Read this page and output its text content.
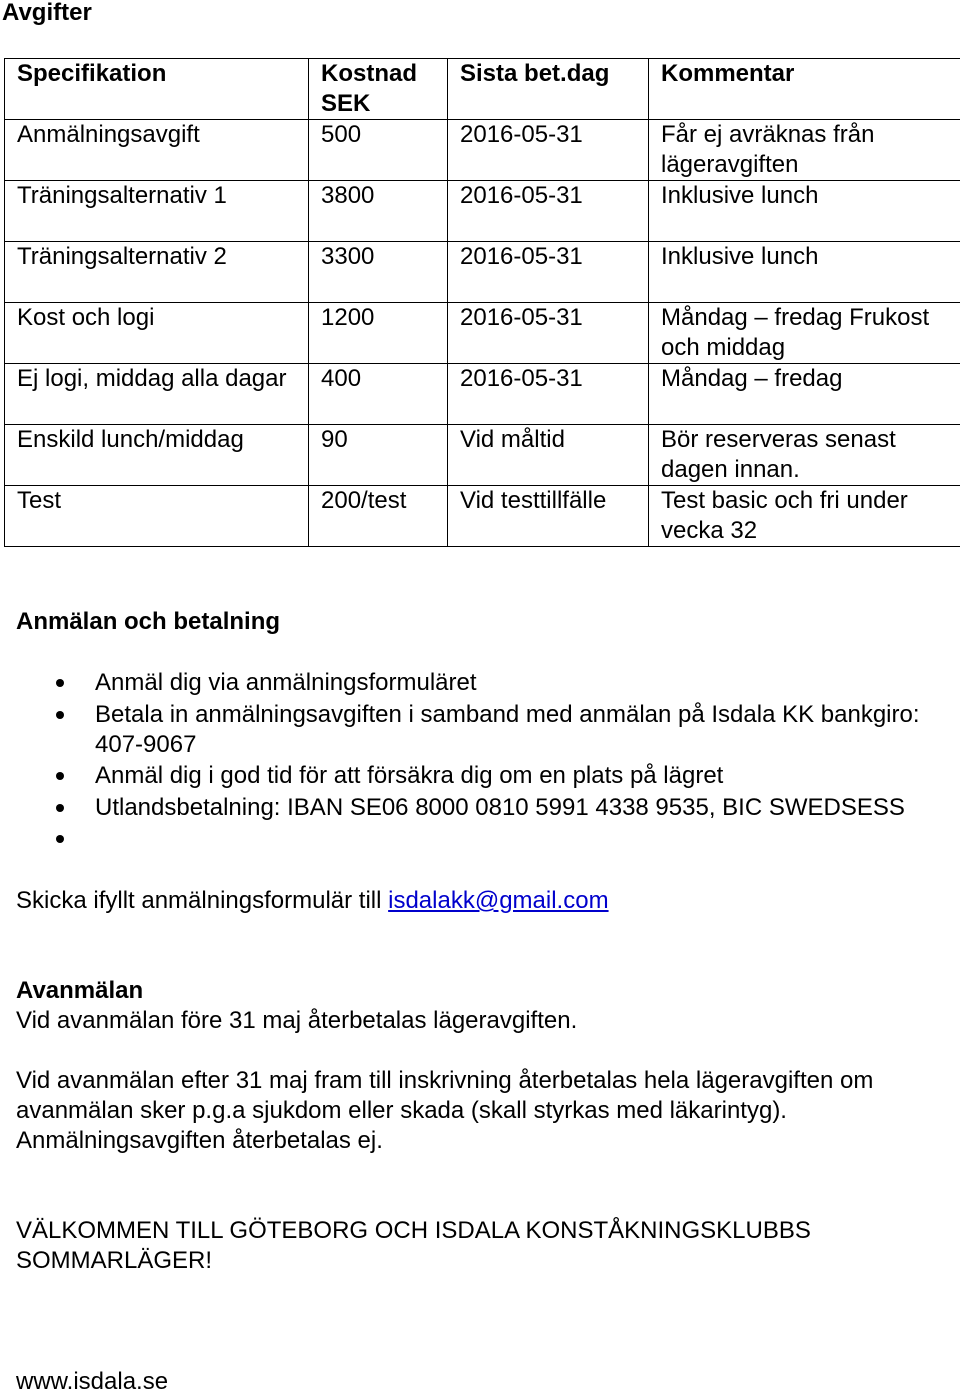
Avgifter
Specifikation	Kostnad SEK	Sista bet.dag	Kommentar
Anmälningsavgift	500	2016-05-31	Får ej avräknas från lägeravgiften
Träningsalternativ 1	3800	2016-05-31	Inklusive lunch
Träningsalternativ 2	3300	2016-05-31	Inklusive lunch
Kost och logi	1200	2016-05-31	Måndag – fredag Frukost och middag
Ej logi, middag alla dagar	400	2016-05-31	Måndag – fredag
Enskild lunch/middag	90	Vid måltid	Bör reserveras senast dagen innan.
Test	200/test	Vid testtillfälle	Test basic och fri under vecka 32
Anmälan och betalning
Anmäl dig via anmälningsformuläret
Betala in anmälningsavgiften i samband med anmälan på Isdala KK bankgiro: 407-9067
Anmäl dig i god tid för att försäkra dig om en plats på lägret
Utlandsbetalning: IBAN SE06 8000 0810 5991 4338 9535, BIC SWEDSESS
Skicka ifyllt anmälningsformulär till isdalakk@gmail.com
Avanmälan
Vid avanmälan före 31 maj återbetalas lägeravgiften.
Vid avanmälan efter 31 maj fram till inskrivning återbetalas hela lägeravgiften om avanmälan sker p.g.a sjukdom eller skada (skall styrkas med läkarintyg). Anmälningsavgiften återbetalas ej.
VÄLKOMMEN TILL GÖTEBORG OCH ISDALA KONSTÅKNINGSKLUBBS SOMMARLÄGER!
www.isdala.se
